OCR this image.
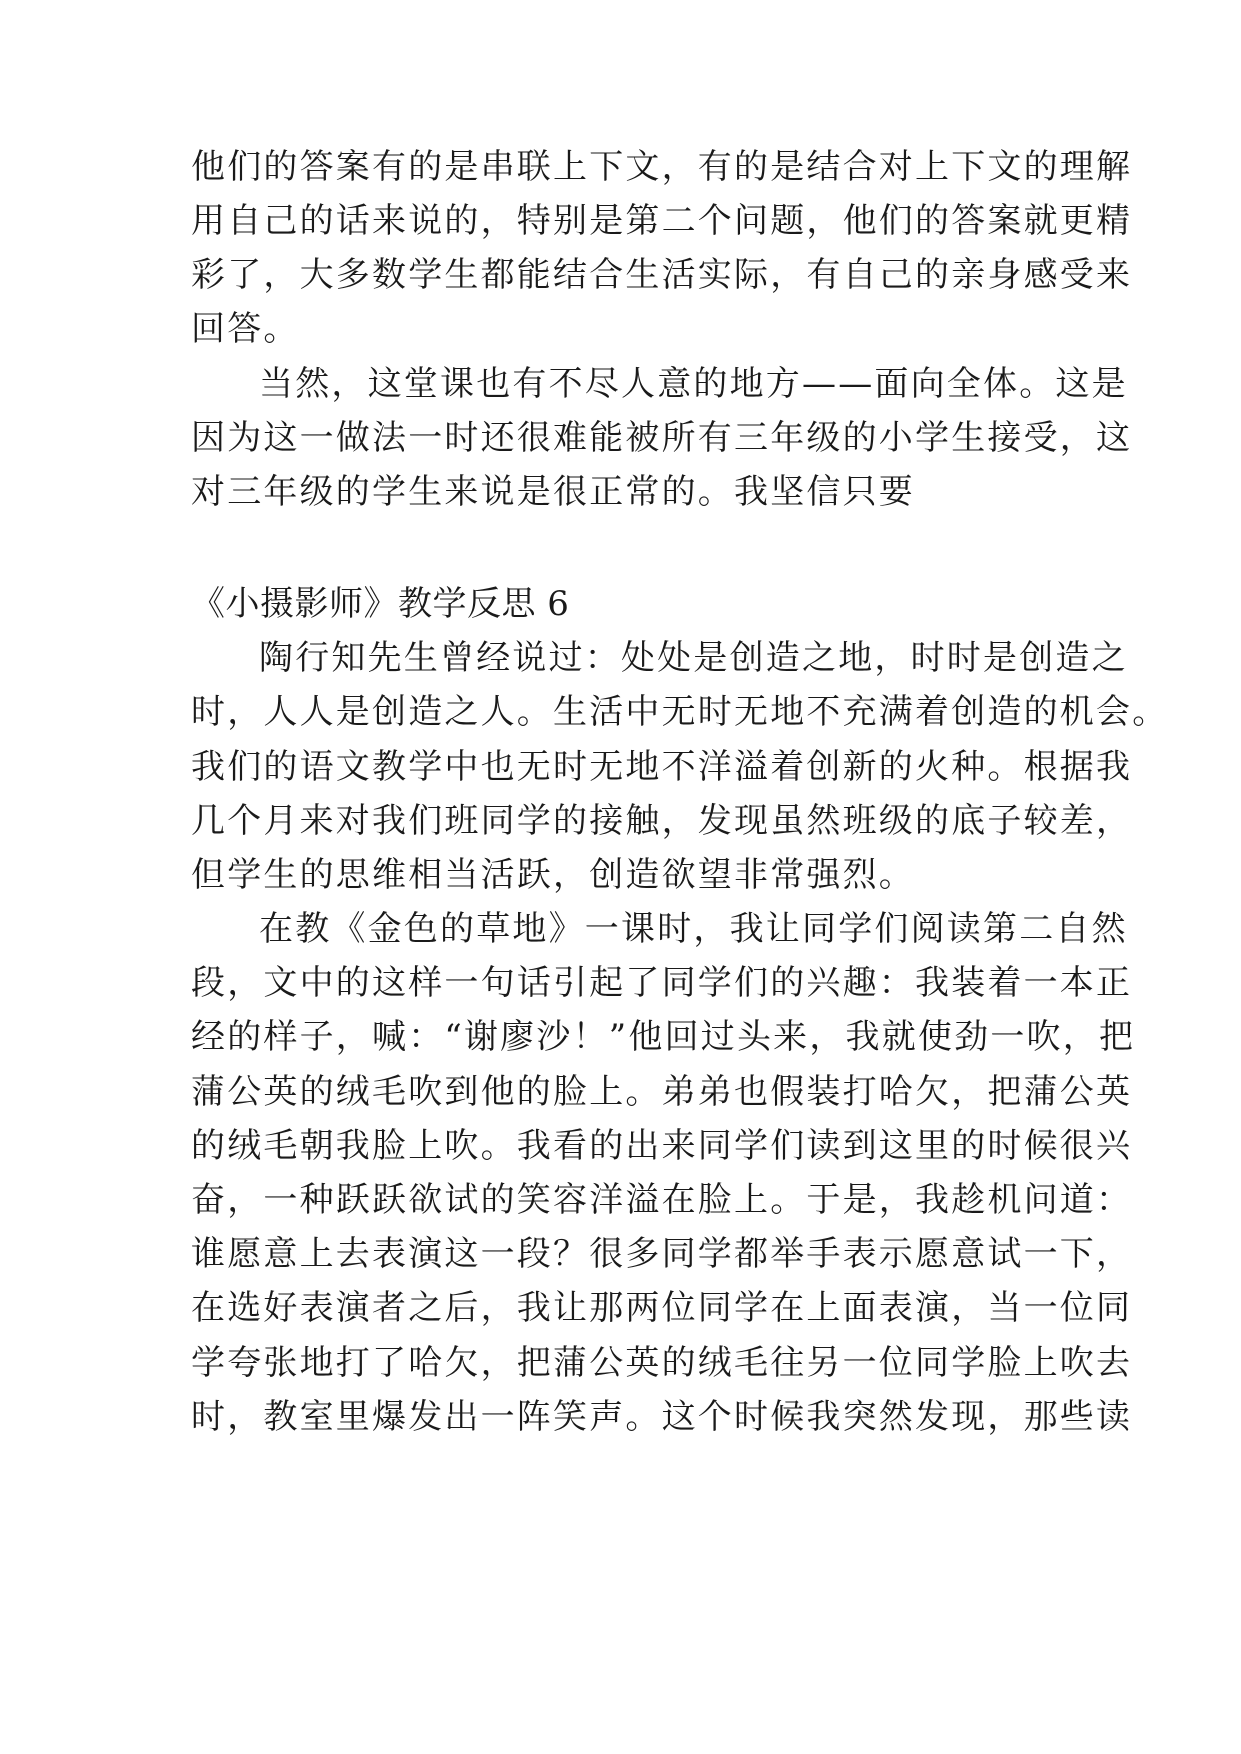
他们的答案有的是串联上下文，有的是结合对上下文的理解
用自己的话来说的，特别是第二个问题，他们的答案就更精
彩了，大多数学生都能结合生活实际，有自己的亲身感受来
回答。
当然，这堂课也有不尽人意的地方——面向全体。这是
因为这一做法一时还很难能被所有三年级的小学生接受，这
对三年级的学生来说是很正常的。我坚信只要
《小摄影师》教学反思 6
陶行知先生曾经说过：处处是创造之地，时时是创造之
时，人人是创造之人。生活中无时无地不充满着创造的机会。
我们的语文教学中也无时无地不洋溢着创新的火种。根据我
几个月来对我们班同学的接触，发现虽然班级的底子较差，
但学生的思维相当活跃，创造欲望非常强烈。
在教《金色的草地》一课时，我让同学们阅读第二自然
段，文中的这样一句话引起了同学们的兴趣：我装着一本正
经的样子，喊：“谢廖沙！”他回过头来，我就使劲一吹，把
蒲公英的绒毛吹到他的脸上。弟弟也假装打哈欠，把蒲公英
的绒毛朝我脸上吹。我看的出来同学们读到这里的时候很兴
奋，一种跃跃欲试的笑容洋溢在脸上。于是，我趁机问道：
谁愿意上去表演这一段？很多同学都举手表示愿意试一下，
在选好表演者之后，我让那两位同学在上面表演，当一位同
学夸张地打了哈欠，把蒲公英的绒毛往另一位同学脸上吹去
时，教室里爆发出一阵笑声。这个时候我突然发现，那些读
